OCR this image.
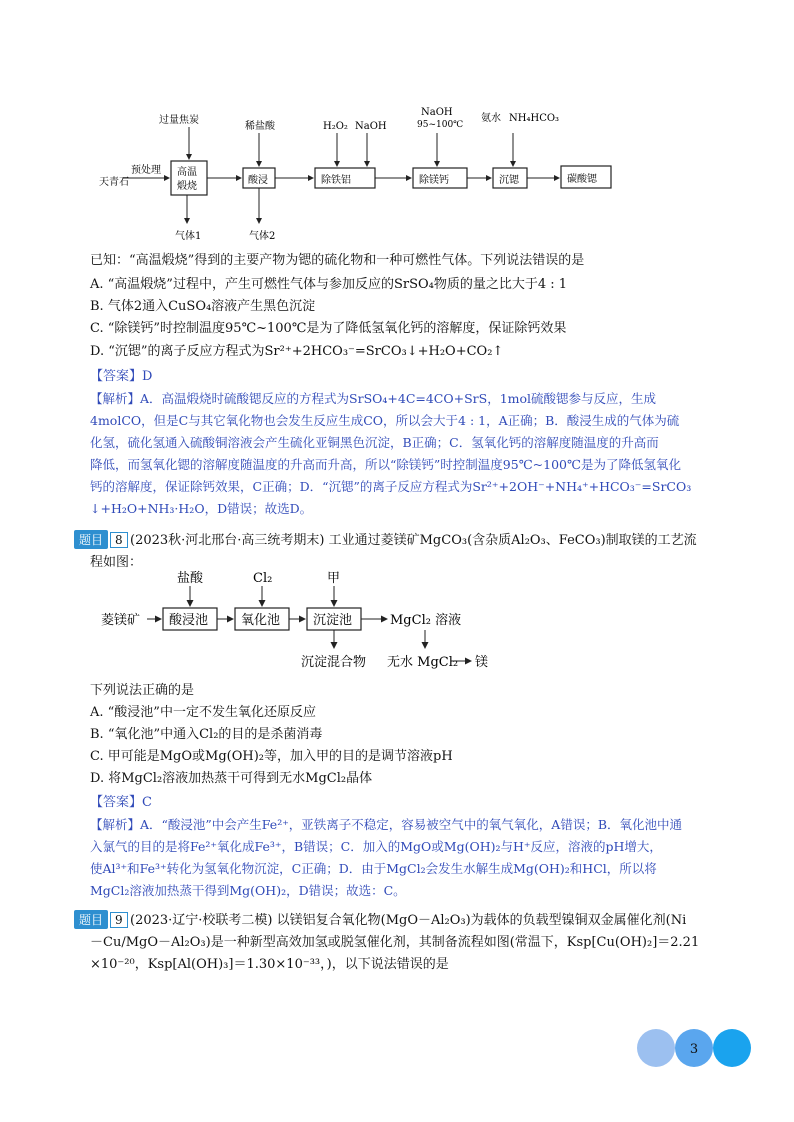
过量焦炭
稀盐酸	H₂O₂ NaOH
NaOH
95~100℃
氨水 NH₄HCO₃
天青石
预处理 高温
煅烧
酸浸	除铁铝	除镁钙	沉锶	碳酸锶
气体1	气体2
已知：“高温煅烧”得到的主要产物为锶的硫化物和一种可燃性气体。下列说法错误的是
A. “高温煅烧”过程中，产生可燃性气体与参加反应的SrSO₄物质的量之比大于4 : 1
B. 气体2通入CuSO₄溶液产生黑色沉淀
C. “除镁钙”时控制温度95℃~100℃是为了降低氢氧化钙的溶解度，保证除钙效果
D. “沉锶”的离子反应方程式为Sr²⁺+2HCO₃⁻=SrCO₃↓+H₂O+CO₂↑
【答案】D
【解析】A．高温煅烧时硫酸锶反应的方程式为SrSO₄+4C=4CO+SrS，1mol硫酸锶参与反应，生成
4molCO，但是C与其它氧化物也会发生反应生成CO，所以会大于4 : 1，A正确；B．酸浸生成的气体为硫
化氢，硫化氢通入硫酸铜溶液会产生硫化亚铜黑色沉淀，B正确；C．氢氧化钙的溶解度随温度的升高而
降低，而氢氧化锶的溶解度随温度的升高而升高，所以“除镁钙”时控制温度95℃~100℃是为了降低氢氧化
钙的溶解度，保证除钙效果，C正确；D．“沉锶”的离子反应方程式为Sr²⁺+2OH⁻+NH₄⁺+HCO₃⁻=SrCO₃
↓+H₂O+NH₃·H₂O，D错误；故选D。
题目	8 (2023秋·河北邢台·高三统考期末) 工业通过菱镁矿MgCO₃(含杂质Al₂O₃、FeCO₃)制取镁的工艺流
程如图：
盐酸	Cl₂	甲
菱镁矿 酸浸池	氧化池	沉淀池	MgCl₂ 溶液
沉淀混合物 无水 MgCl₂ 镁
下列说法正确的是
A. “酸浸池”中一定不发生氧化还原反应
B. “氧化池”中通入Cl₂的目的是杀菌消毒
C. 甲可能是MgO或Mg(OH)₂等，加入甲的目的是调节溶液pH
D. 将MgCl₂溶液加热蒸干可得到无水MgCl₂晶体
【答案】C
【解析】A．“酸浸池”中会产生Fe²⁺，亚铁离子不稳定，容易被空气中的氧气氧化，A错误；B．氧化池中通
入氯气的目的是将Fe²⁺氧化成Fe³⁺，B错误；C．加入的MgO或Mg(OH)₂与H⁺反应，溶液的pH增大，
使Al³⁺和Fe³⁺转化为氢氧化物沉淀，C正确；D．由于MgCl₂会发生水解生成Mg(OH)₂和HCl，所以将
MgCl₂溶液加热蒸干得到Mg(OH)₂，D错误；故选：C。
题目	9 (2023·辽宁·校联考二模) 以镁铝复合氧化物(MgO－Al₂O₃)为载体的负载型镍铜双金属催化剂(Ni
－Cu/MgO－Al₂O₃)是一种新型高效加氢或脱氢催化剂，其制备流程如图(常温下，Ksp[Cu(OH)₂]＝2.21
×10⁻²⁰，Ksp[Al(OH)₃]＝1.30×10⁻³³，)，以下说法错误的是
3
